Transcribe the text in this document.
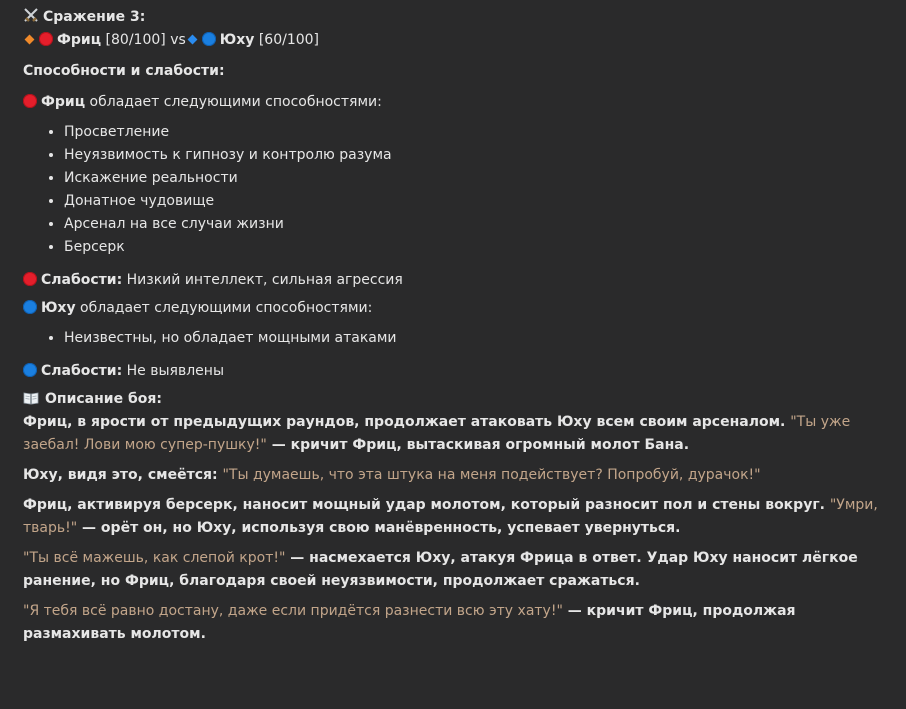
Сражение 3:
Фриц [80/100] vs Юху [60/100]
Способности и слабости:
Фриц обладает следующими способностями:
• Просветление
• Неуязвимость к гипнозу и контролю разума
• Искажение реальности
• Донатное чудовище
• Арсенал на все случаи жизни
• Берсерк
Слабости: Низкий интеллект, сильная агрессия
Юху обладает следующими способностями:
• Неизвестны, но обладает мощными атаками
Слабости: Не выявлены
Описание боя:

Фриц, в ярости от предыдущих раундов, продолжает атаковать Юху всем своим арсеналом. "Ты уже заебал! Лови мою супер-пушку!" — кричит Фриц, вытаскивая огромный молот Бана.

Юху, видя это, смеётся: "Ты думаешь, что эта штука на меня подействует? Попробуй, дурачок!"

Фриц, активируя берсерк, наносит мощный удар молотом, который разносит пол и стены вокруг. "Умри, тварь!" — орёт он, но Юху, используя свою манёвренность, успевает увернуться.

"Ты всё мажешь, как слепой крот!" — насмехается Юху, атакуя Фрица в ответ. Удар Юху наносит лёгкое ранение, но Фриц, благодаря своей неуязвимости, продолжает сражаться.

"Я тебя всё равно достану, даже если придётся разнести всю эту хату!" — кричит Фриц, продолжая размахивать молотом.
